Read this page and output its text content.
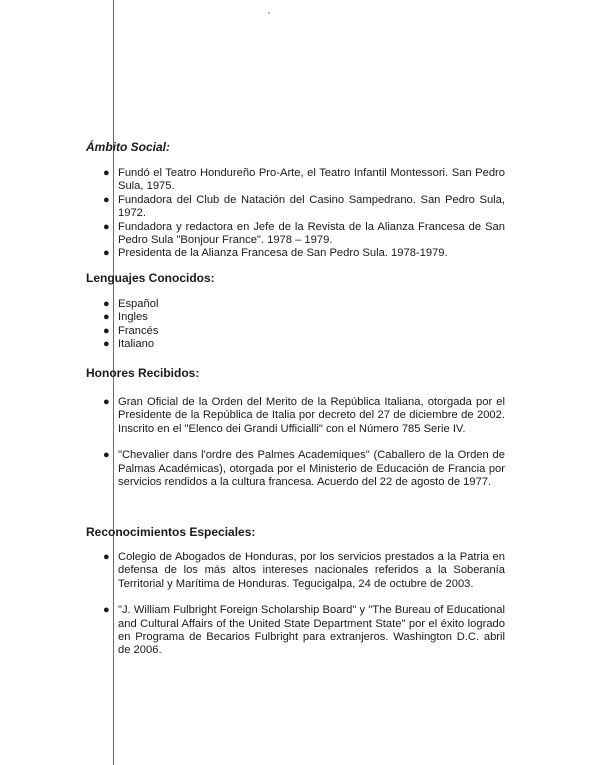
Ámbito Social:
● Fundó el Teatro Hondureño Pro-Arte, el Teatro Infantil Montessori. San Pedro Sula, 1975.
● Fundadora del Club de Natación del Casino Sampedrano. San Pedro Sula, 1972.
● Fundadora y redactora en Jefe de la Revista de la Alianza Francesa de San Pedro Sula "Bonjour France". 1978 – 1979.
● Presidenta de la Alianza Francesa de San Pedro Sula. 1978-1979.
Lenguajes Conocidos:
● Español
● Ingles
● Francés
● Italiano
Honores Recibidos:
● Gran Oficial de la Orden del Merito de la República Italiana, otorgada por el Presidente de la República de Italia por decreto del 27 de diciembre de 2002. Inscrito en el "Elenco dei Grandi Ufficialli" con el Número 785 Serie IV.
● "Chevalier dans l'ordre des Palmes Academiques" (Caballero de la Orden de Palmas Académicas), otorgada por el Ministerio de Educación de Francia por servicios rendidos a la cultura francesa. Acuerdo del 22 de agosto de 1977.
Reconocimientos Especiales:
● Colegio de Abogados de Honduras, por los servicios prestados a la Patria en defensa de los más altos intereses nacionales referidos a la Soberanía Territorial y Marítima de Honduras. Tegucigalpa, 24 de octubre de 2003.
● "J. William Fulbright Foreign Scholarship Board" y "The Bureau of Educational and Cultural Affairs of the United State Department State" por el éxito logrado en Programa de Becarios Fulbright para extranjeros. Washington D.C. abril de 2006.
